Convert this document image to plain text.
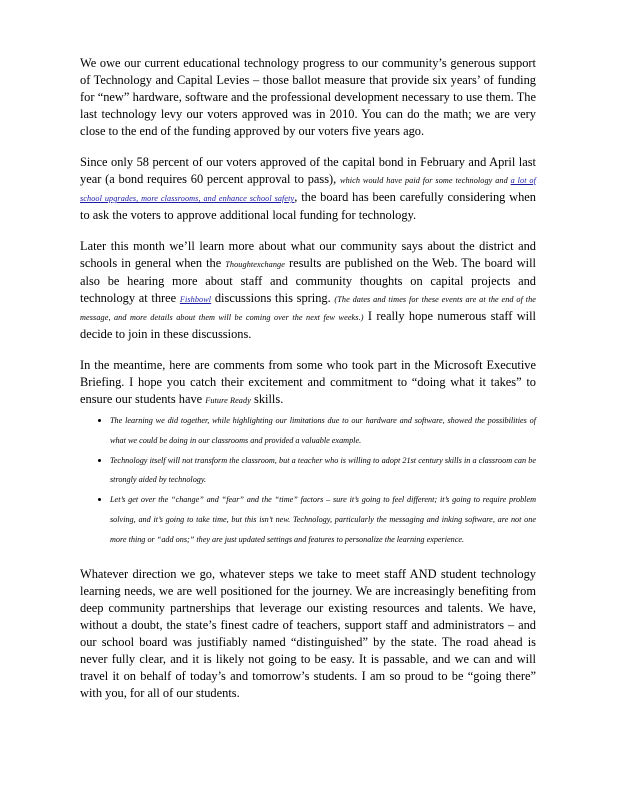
We owe our current educational technology progress to our community’s generous support of Technology and Capital Levies – those ballot measure that provide six years’ of funding for “new” hardware, software and the professional development necessary to use them. The last technology levy our voters approved was in 2010. You can do the math; we are very close to the end of the funding approved by our voters five years ago.

Since only 58 percent of our voters approved of the capital bond in February and April last year (a bond requires 60 percent approval to pass), which would have paid for some technology and a lot of school upgrades, more classrooms, and enhance school safety, the board has been carefully considering when to ask the voters to approve additional local funding for technology.

Later this month we’ll learn more about what our community says about the district and schools in general when the Thoughtexchange results are published on the Web. The board will also be hearing more about staff and community thoughts on capital projects and technology at three Fishbowl discussions this spring. (The dates and times for these events are at the end of the message, and more details about them will be coming over the next few weeks.) I really hope numerous staff will decide to join in these discussions.

In the meantime, here are comments from some who took part in the Microsoft Executive Briefing. I hope you catch their excitement and commitment to “doing what it takes” to ensure our students have Future Ready skills.

The learning we did together, while highlighting our limitations due to our hardware and software, showed the possibilities of what we could be doing in our classrooms and provided a valuable example.
Technology itself will not transform the classroom, but a teacher who is willing to adopt 21st century skills in a classroom can be strongly aided by technology.
Let’s get over the “change” and “fear” and the “time” factors – sure it’s going to feel different; it’s going to require problem solving, and it’s going to take time, but this isn’t new. Technology, particularly the messaging and inking software, are not one more thing or “add ons;” they are just updated settings and features to personalize the learning experience.

Whatever direction we go, whatever steps we take to meet staff AND student technology learning needs, we are well positioned for the journey. We are increasingly benefiting from deep community partnerships that leverage our existing resources and talents. We have, without a doubt, the state’s finest cadre of teachers, support staff and administrators – and our school board was justifiably named “distinguished” by the state. The road ahead is never fully clear, and it is likely not going to be easy. It is passable, and we can and will travel it on behalf of today’s and tomorrow’s students. I am so proud to be “going there” with you, for all of our students.
